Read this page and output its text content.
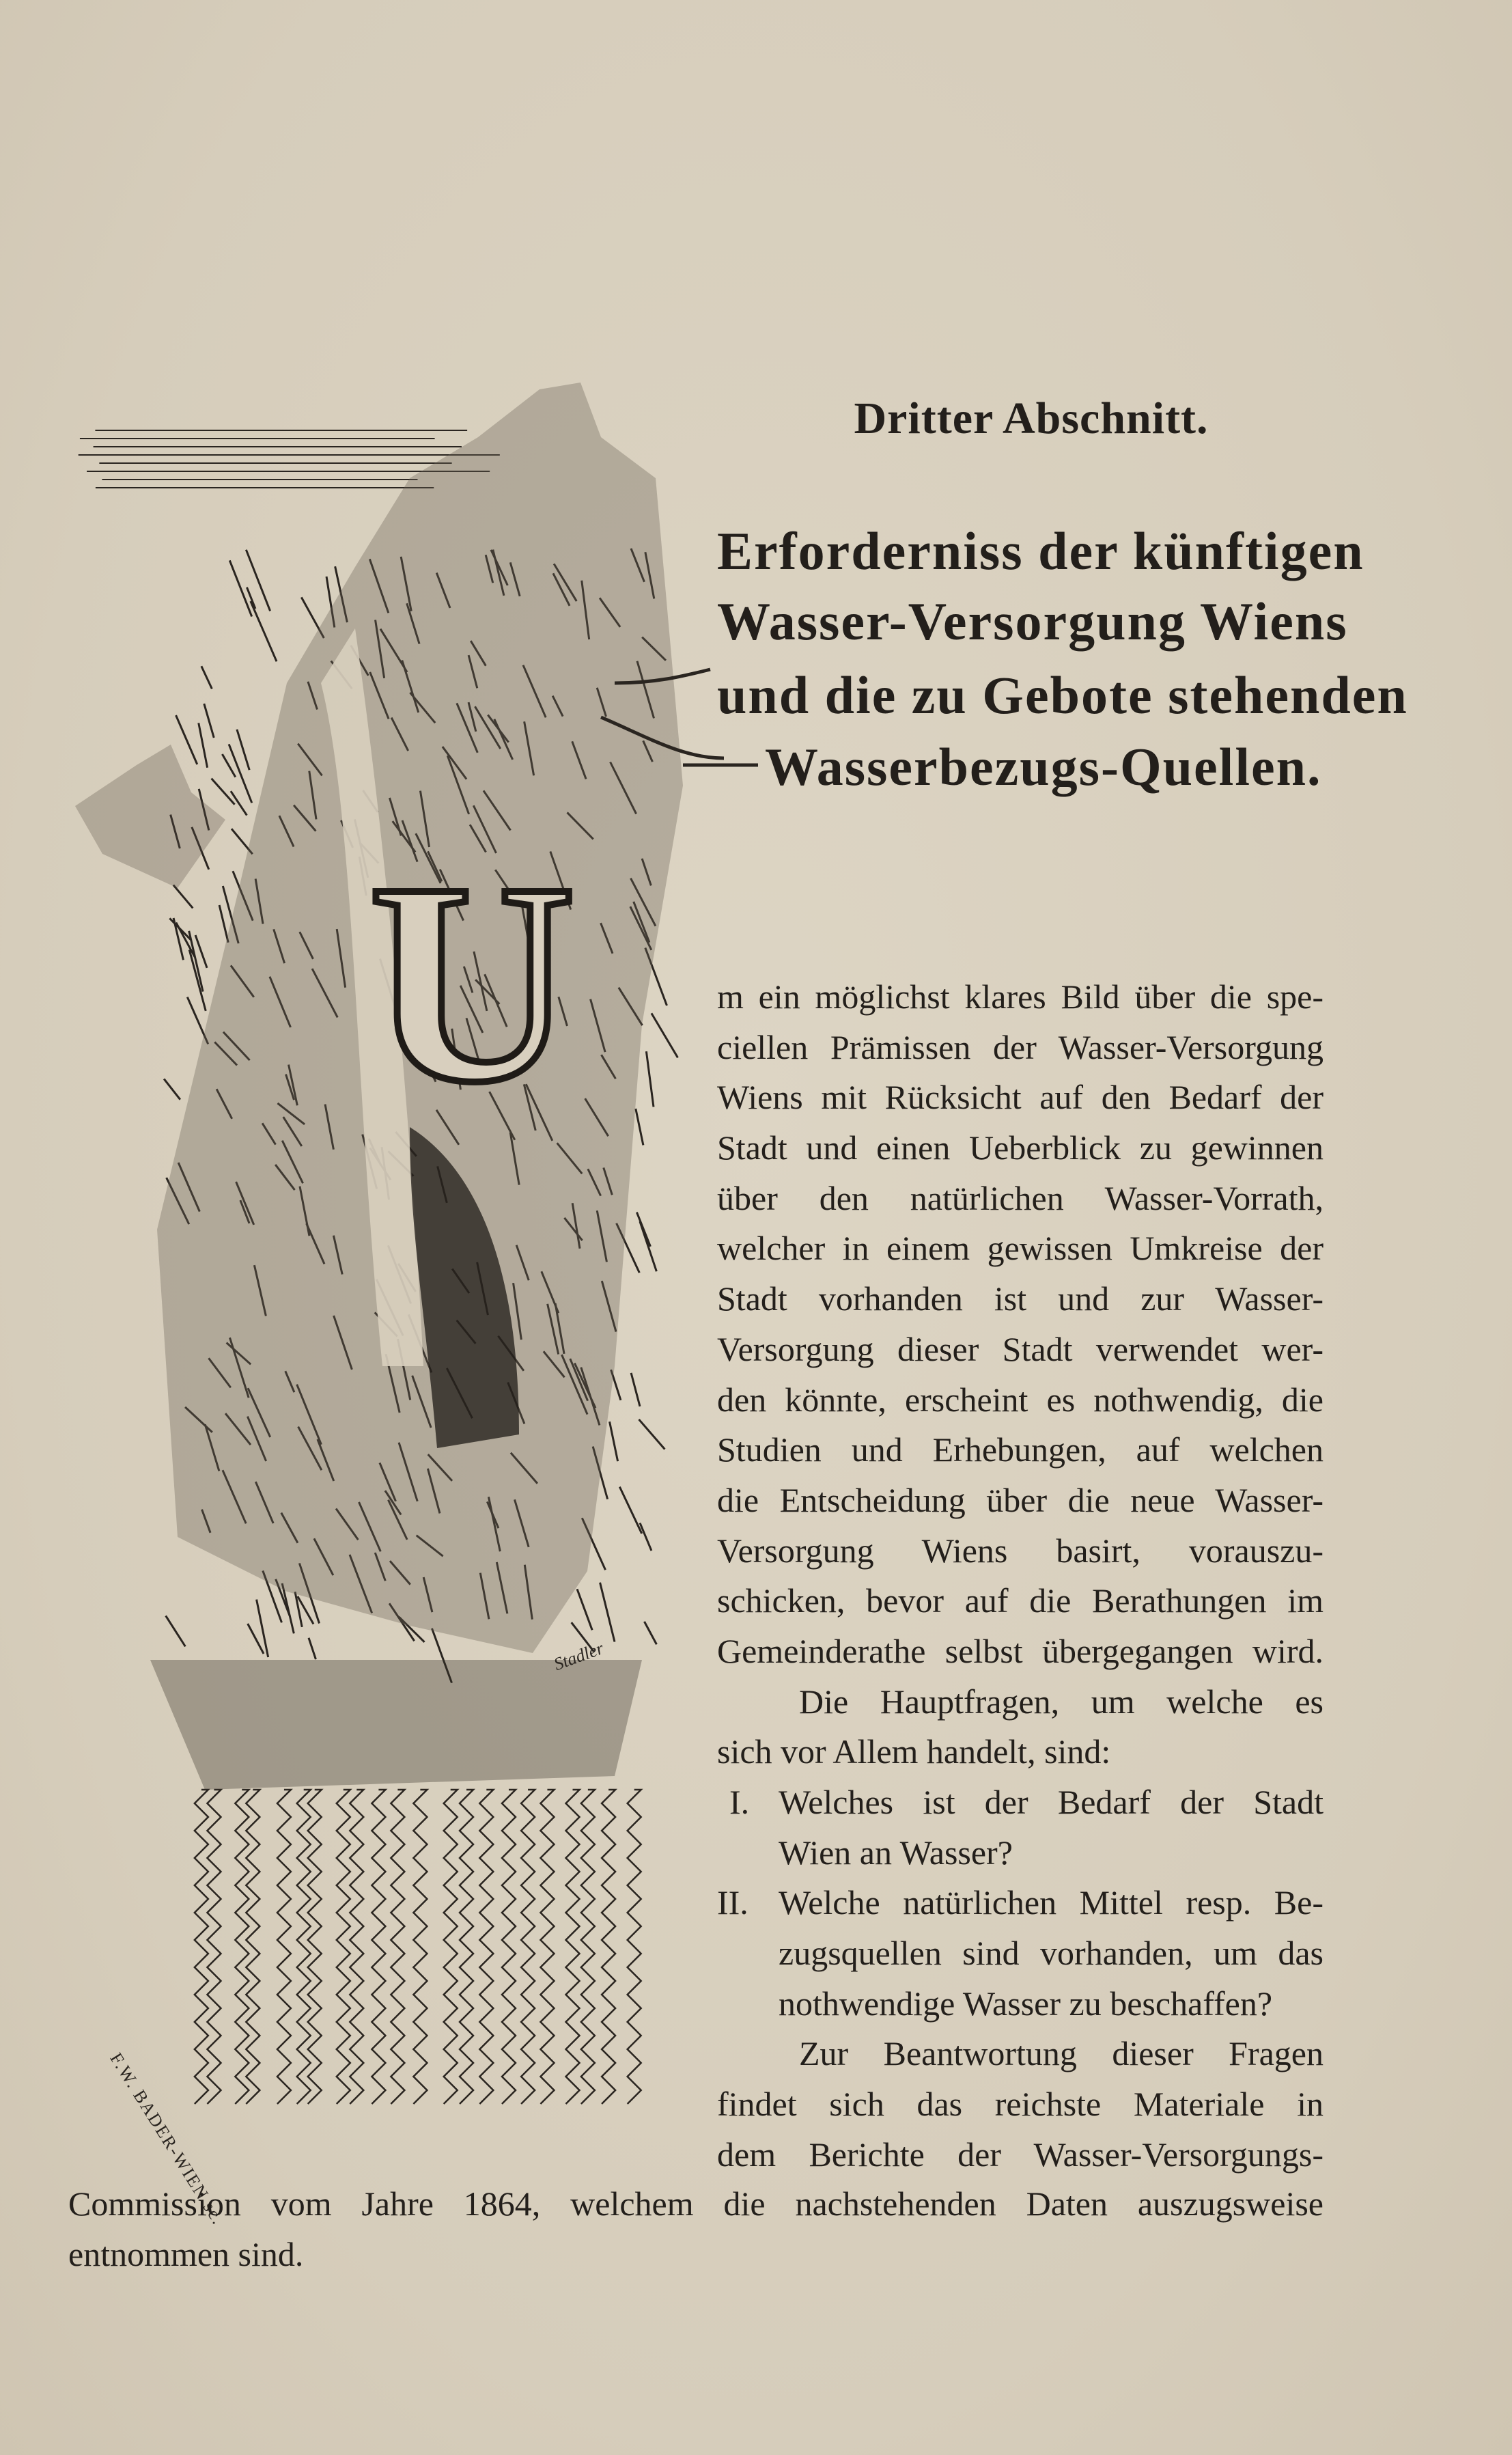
U
F.W. BADER-WIEN sc.
Stadler
Dritter Abschnitt.
Erforderniss der künftigen
Wasser-Versorgung Wiens
und die zu Gebote stehenden
Wasserbezugs-Quellen.
m ein möglichst klares Bild über die spe-
ciellen Prämissen der Wasser-Versorgung
Wiens mit Rücksicht auf den Bedarf der
Stadt und einen Ueberblick zu gewinnen
über den natürlichen Wasser-Vorrath,
welcher in einem gewissen Umkreise der
Stadt vorhanden ist und zur Wasser-
Versorgung dieser Stadt verwendet wer-
den könnte, erscheint es nothwendig, die
Studien und Erhebungen, auf welchen
die Entscheidung über die neue Wasser-
Versorgung Wiens basirt, vorauszu-
schicken, bevor auf die Berathungen im
Gemeinderathe selbst übergegangen wird.
Die Hauptfragen, um welche es
sich vor Allem handelt, sind:
I. Welches ist der Bedarf der Stadt
Wien an Wasser?
II. Welche natürlichen Mittel resp. Be-
zugsquellen sind vorhanden, um das
nothwendige Wasser zu beschaffen?
Zur Beantwortung dieser Fragen
findet sich das reichste Materiale in
dem Berichte der Wasser-Versorgungs-
Commission vom Jahre 1864, welchem die nachstehenden Daten auszugsweise
entnommen sind.
